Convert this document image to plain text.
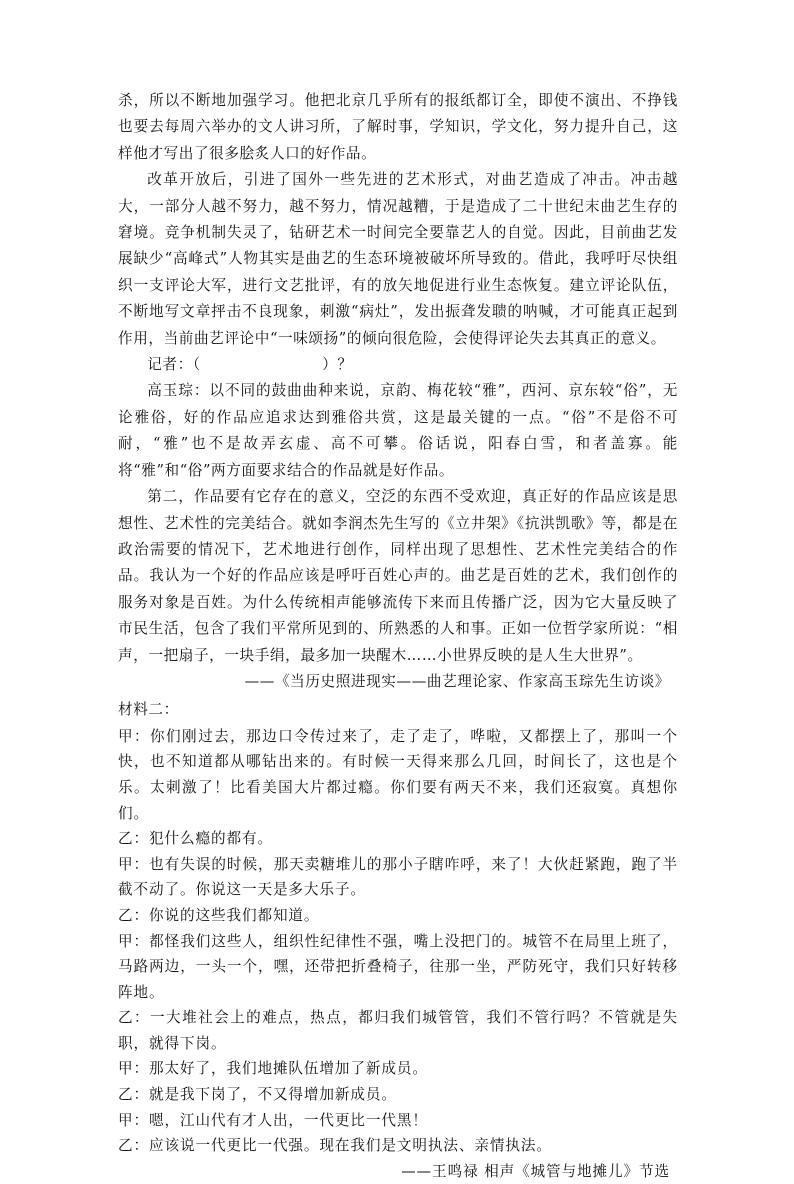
杀，所以不断地加强学习。他把北京几乎所有的报纸都订全，即使不演出、不挣钱也要去每周六举办的文人讲习所，了解时事，学知识，学文化，努力提升自己，这样他才写出了很多脍炙人口的好作品。

改革开放后，引进了国外一些先进的艺术形式，对曲艺造成了冲击。冲击越大，一部分人越不努力，越不努力，情况越糟，于是造成了二十世纪末曲艺生存的窘境。竞争机制失灵了，钻研艺术一时间完全要靠艺人的自觉。因此，目前曲艺发展缺少“高峰式”人物其实是曲艺的生态环境被破坏所导致的。借此，我呼吁尽快组织一支评论大军，进行文艺批评，有的放矢地促进行业生态恢复。建立评论队伍，不断地写文章抨击不良现象，刺激“病灶”，发出振聋发聩的呐喊，才可能真正起到作用，当前曲艺评论中“一味颂扬”的倾向很危险，会使得评论失去其真正的意义。

记者：（　　　　　　　　）？

高玉琮：以不同的鼓曲曲种来说，京韵、梅花较“雅”，西河、京东较“俗”，无论雅俗，好的作品应追求达到雅俗共赏，这是最关键的一点。“俗”不是俗不可耐，“雅”也不是故弄玄虚、高不可攀。俗话说，阳春白雪，和者盖寡。能将“雅”和“俗”两方面要求结合的作品就是好作品。

第二，作品要有它存在的意义，空泛的东西不受欢迎，真正好的作品应该是思想性、艺术性的完美结合。就如李润杰先生写的《立井架》《抗洪凯歌》等，都是在政治需要的情况下，艺术地进行创作，同样出现了思想性、艺术性完美结合的作品。我认为一个好的作品应该是呼吁百姓心声的。曲艺是百姓的艺术，我们创作的服务对象是百姓。为什么传统相声能够流传下来而且传播广泛，因为它大量反映了市民生活，包含了我们平常所见到的、所熟悉的人和事。正如一位哲学家所说：“相声，一把扇子，一块手绢，最多加一块醒木……小世界反映的是人生大世界”。

——《当历史照进现实——曲艺理论家、作家高玉琮先生访谈》

材料二：

甲：你们刚过去，那边口令传过来了，走了走了，哗啦，又都摆上了，那叫一个快，也不知道都从哪钻出来的。有时候一天得来那么几回，时间长了，这也是个乐。太刺激了！比看美国大片都过瘾。你们要有两天不来，我们还寂寞。真想你们。

乙：犯什么瘾的都有。

甲：也有失误的时候，那天卖糖堆儿的那小子瞎咋呼，来了！大伙赶紧跑，跑了半截不动了。你说这一天是多大乐子。

乙：你说的这些我们都知道。

甲：都怪我们这些人，组织性纪律性不强，嘴上没把门的。城管不在局里上班了，马路两边，一头一个，嘿，还带把折叠椅子，往那一坐，严防死守，我们只好转移阵地。

乙：一大堆社会上的难点，热点，都归我们城管管，我们不管行吗？不管就是失职，就得下岗。

甲：那太好了，我们地摊队伍增加了新成员。

乙：就是我下岗了，不又得增加新成员。

甲：嗯，江山代有才人出，一代更比一代黑！

乙：应该说一代更比一代强。现在我们是文明执法、亲情执法。

——王鸣禄 相声《城管与地摊儿》节选
